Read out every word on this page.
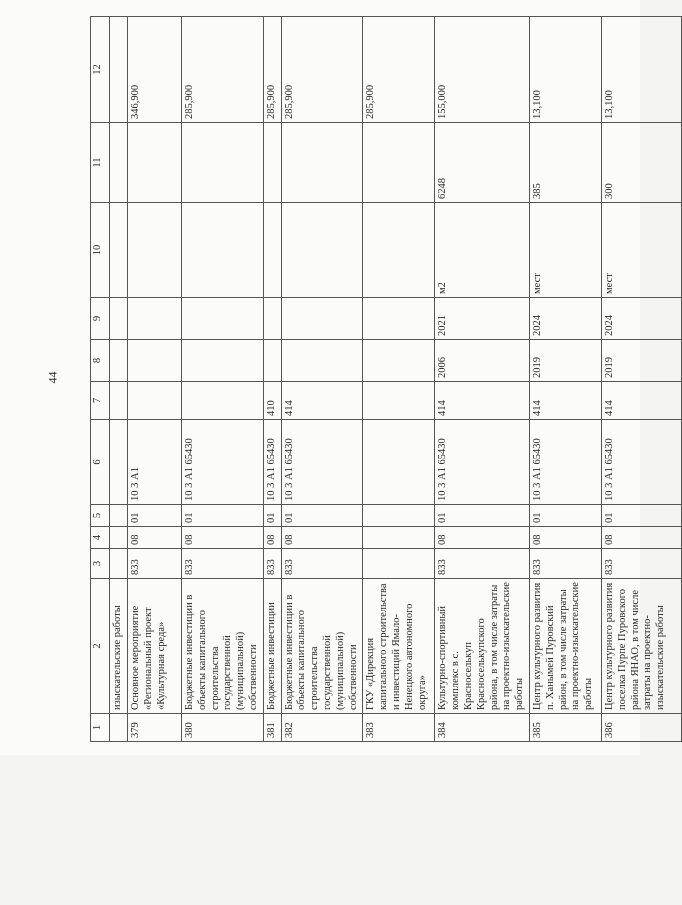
44
1	2	3	4	5	6	7	8	9	10	11	12
	изыскательские работы										
379	Основное мероприятие «Региональный проект «Культурная среда»	833	08	01	10 3 А1						346,900
380	Бюджетные инвестиции в объекты капитального строительства государственной (муниципальной) собственности	833	08	01	10 3 А1 65430						285,900
381	Бюджетные инвестиции	833	08	01	10 3 А1 65430	410					285,900
382	Бюджетные инвестиции в объекты капитального строительства государственной (муниципальной) собственности	833	08	01	10 3 А1 65430	414					285,900
383	ГКУ «Дирекция капитального строительства и инвестиций Ямало-Ненецкого автономного округа»										285,900
384	Культурно-спортивный комплекс в с. Красноселькуп Красноселькупского района, в том числе затраты на проектно-изыскательские работы	833	08	01	10 3 А1 65430	414	2006	2021	м2	6248	155,000
385	Центр культурного развития п. Ханымей Пуровский район, в том числе затраты на проектно-изыскательские работы	833	08	01	10 3 А1 65430	414	2019	2024	мест	385	13,100
386	Центр культурного развития поселка Пурпе Пуровского района ЯНАО, в том числе затраты на проектно-изыскательские работы	833	08	01	10 3 А1 65430	414	2019	2024	мест	300	13,100
